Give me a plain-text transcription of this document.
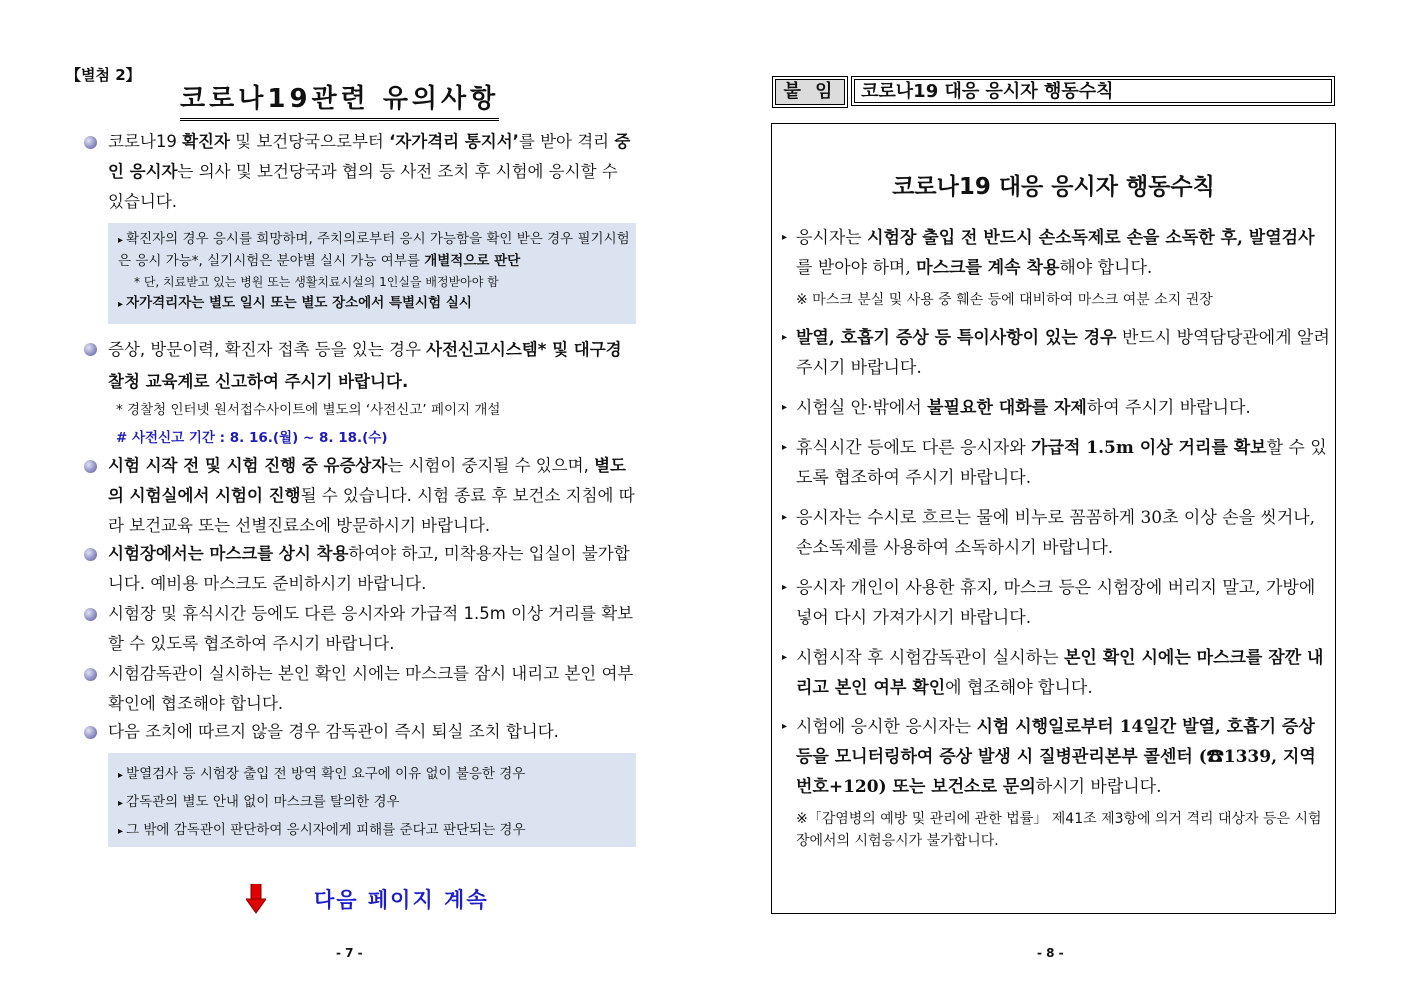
【별첨 2】
코로나19관련 유의사항
코로나19 확진자 및 보건당국으로부터 ‘자가격리 통지서’를 받아 격리 중인 응시자는 의사 및 보건당국과 협의 등 사전 조치 후 시험에 응시할 수 있습니다.
▸ 확진자의 경우 응시를 희망하며, 주치의로부터 응시 가능함을 확인 받은 경우 필기시험은 응시 가능*, 실기시험은 분야별 실시 가능 여부를 개별적으로 판단
* 단, 치료받고 있는 병원 또는 생활치료시설의 1인실을 배정받아야 함
▸ 자가격리자는 별도 일시 또는 별도 장소에서 특별시험 실시
증상, 방문이력, 확진자 접촉 등을 있는 경우 사전신고시스템* 및 대구경찰청 교육계로 신고하여 주시기 바랍니다.
* 경찰청 인터넷 원서접수사이트에 별도의 ‘사전신고’ 페이지 개설
# 사전신고 기간 : 8. 16.(월) ~ 8. 18.(수)
시험 시작 전 및 시험 진행 중 유증상자는 시험이 중지될 수 있으며, 별도의 시험실에서 시험이 진행될 수 있습니다. 시험 종료 후 보건소 지침에 따라 보건교육 또는 선별진료소에 방문하시기 바랍니다.
시험장에서는 마스크를 상시 착용하여야 하고, 미착용자는 입실이 불가합니다. 예비용 마스크도 준비하시기 바랍니다.
시험장 및 휴식시간 등에도 다른 응시자와 가급적 1.5m 이상 거리를 확보할 수 있도록 협조하여 주시기 바랍니다.
시험감독관이 실시하는 본인 확인 시에는 마스크를 잠시 내리고 본인 여부 확인에 협조해야 합니다.
다음 조치에 따르지 않을 경우 감독관이 즉시 퇴실 조치 합니다.
▸ 발열검사 등 시험장 출입 전 방역 확인 요구에 이유 없이 불응한 경우
▸ 감독관의 별도 안내 없이 마스크를 탈의한 경우
▸ 그 밖에 감독관이 판단하여 응시자에게 피해를 준다고 판단되는 경우
다음 페이지 계속
- 7 -
붙 임	코로나19 대응 응시자 행동수칙
코로나19 대응 응시자 행동수칙
▸ 응시자는 시험장 출입 전 반드시 손소독제로 손을 소독한 후, 발열검사를 받아야 하며, 마스크를 계속 착용해야 합니다.
※ 마스크 분실 및 사용 중 훼손 등에 대비하여 마스크 여분 소지 권장
▸ 발열, 호흡기 증상 등 특이사항이 있는 경우 반드시 방역담당관에게 알려주시기 바랍니다.
▸ 시험실 안·밖에서 불필요한 대화를 자제하여 주시기 바랍니다.
▸ 휴식시간 등에도 다른 응시자와 가급적 1.5m 이상 거리를 확보할 수 있도록 협조하여 주시기 바랍니다.
▸ 응시자는 수시로 흐르는 물에 비누로 꼼꼼하게 30초 이상 손을 씻거나, 손소독제를 사용하여 소독하시기 바랍니다.
▸ 응시자 개인이 사용한 휴지, 마스크 등은 시험장에 버리지 말고, 가방에 넣어 다시 가져가시기 바랍니다.
▸ 시험시작 후 시험감독관이 실시하는 본인 확인 시에는 마스크를 잠깐 내리고 본인 여부 확인에 협조해야 합니다.
▸ 시험에 응시한 응시자는 시험 시행일로부터 14일간 발열, 호흡기 증상 등을 모니터링하여 증상 발생 시 질병관리본부 콜센터 (☎1339, 지역번호+120) 또는 보건소로 문의하시기 바랍니다.
※「감염병의 예방 및 관리에 관한 법률」 제41조 제3항에 의거 격리 대상자 등은 시험장에서의 시험응시가 불가합니다.
- 8 -
